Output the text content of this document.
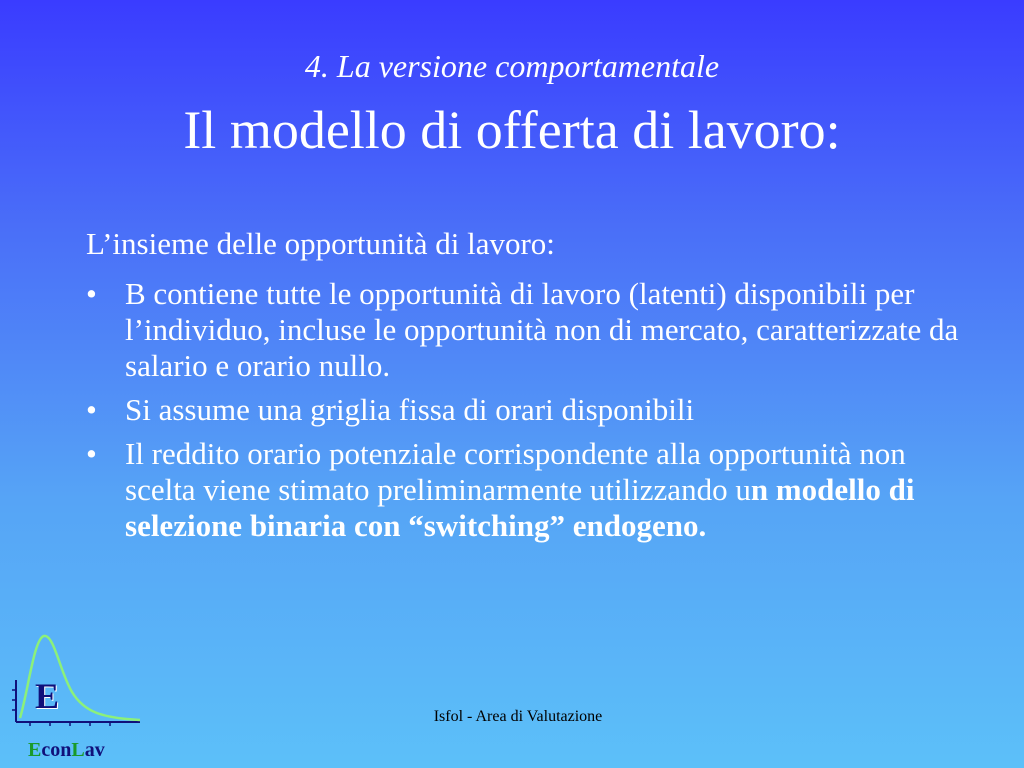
4. La versione comportamentale
Il modello di offerta di lavoro:
L’insieme delle opportunità di lavoro:
• B contiene tutte le opportunità di lavoro (latenti) disponibili per l’individuo, incluse le opportunità non di mercato, caratterizzate da salario e orario nullo.
• Si assume una griglia fissa di orari disponibili
• Il reddito orario potenziale corrispondente alla opportunità non scelta viene stimato preliminarmente utilizzando un modello di selezione binaria con “switching” endogeno.
E
EconLav
Isfol - Area di Valutazione
